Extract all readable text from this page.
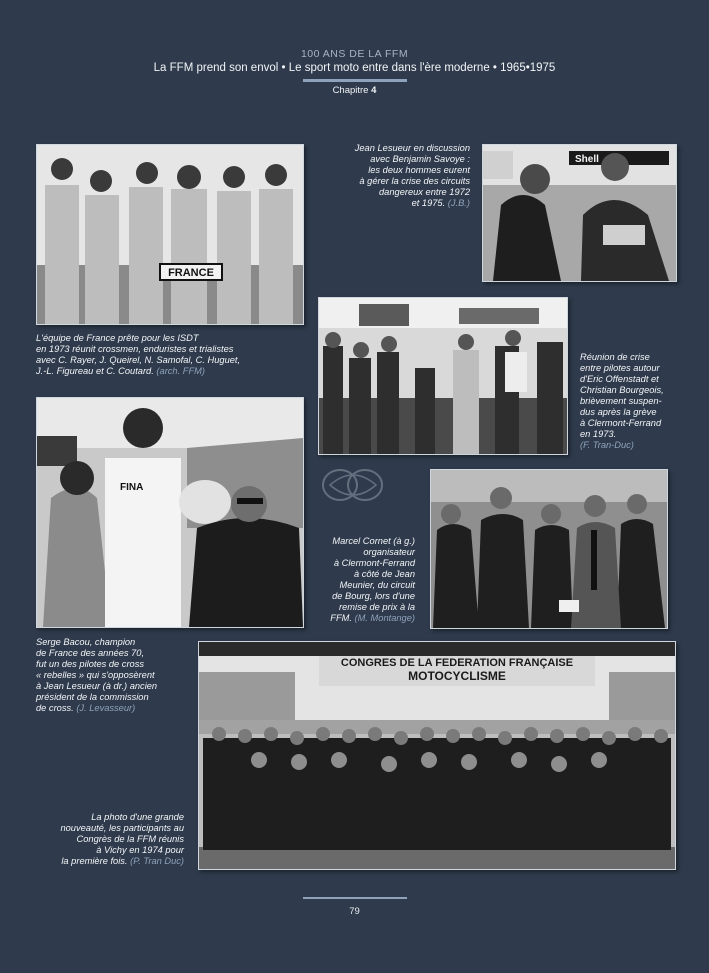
100 ANS DE LA FFM
La FFM prend son envol • Le sport moto entre dans l'ère moderne • 1965•1975
Chapitre 4
FRANCE
Jean Lesueur en discussion
avec Benjamin Savoye :
les deux hommes eurent
à gérer la crise des circuits
dangereux entre 1972
et 1975. (J.B.)
Shell
L'équipe de France prête pour les ISDT
en 1973 réunit crossmen, enduristes et trialistes
avec C. Rayer, J. Queirel, N. Samofal, C. Huguet,
J.-L. Figureau et C. Coutard. (arch. FFM)
Réunion de crise
entre pilotes autour
d'Eric Offenstadt et
Christian Bourgeois,
brièvement suspen-
dus après la grève
à Clermont-Ferrand
en 1973.
(F. Tran-Duc)
FINA
Marcel Cornet (à g.)
organisateur
à Clermont-Ferrand
à côté de Jean
Meunier, du circuit
de Bourg, lors d'une
remise de prix à la
FFM. (M. Montange)
Serge Bacou, champion
de France des années 70,
fut un des pilotes de cross
« rebelles » qui s'opposèrent
à Jean Lesueur (à dr.) ancien
président de la commission
de cross. (J. Levasseur)
CONGRES DE LA FEDERATION FRANÇAISE
MOTOCYCLISME
La photo d'une grande
nouveauté, les participants au
Congrès de la FFM réunis
à Vichy en 1974 pour
la première fois. (P. Tran Duc)
79
